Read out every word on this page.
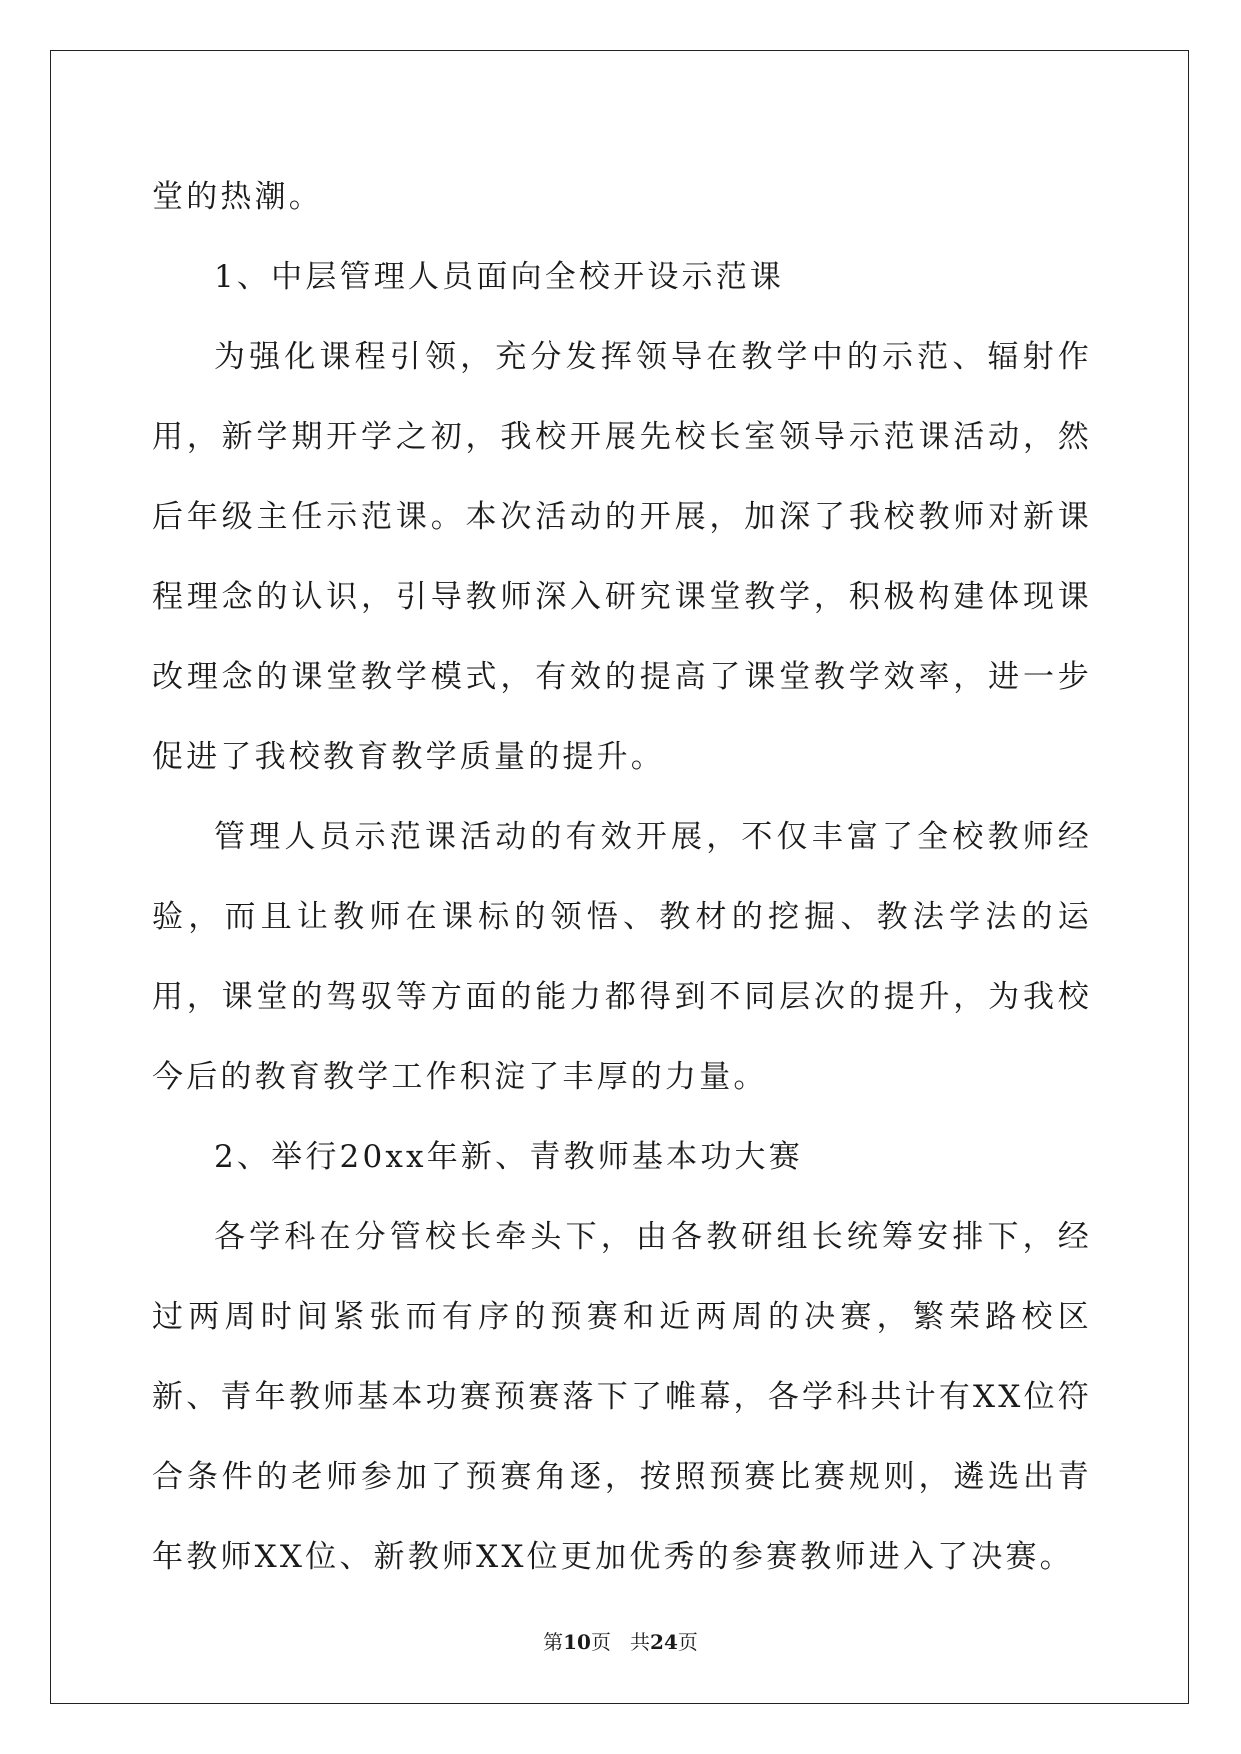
堂的热潮。

1、中层管理人员面向全校开设示范课

为强化课程引领，充分发挥领导在教学中的示范、辐射作用，新学期开学之初，我校开展先校长室领导示范课活动，然后年级主任示范课。本次活动的开展，加深了我校教师对新课程理念的认识，引导教师深入研究课堂教学，积极构建体现课改理念的课堂教学模式，有效的提高了课堂教学效率，进一步促进了我校教育教学质量的提升。

管理人员示范课活动的有效开展，不仅丰富了全校教师经验，而且让教师在课标的领悟、教材的挖掘、教法学法的运用，课堂的驾驭等方面的能力都得到不同层次的提升，为我校今后的教育教学工作积淀了丰厚的力量。

2、举行20xx年新、青教师基本功大赛

各学科在分管校长牵头下，由各教研组长统筹安排下，经过两周时间紧张而有序的预赛和近两周的决赛，繁荣路校区新、青年教师基本功赛预赛落下了帷幕，各学科共计有XX位符合条件的老师参加了预赛角逐，按照预赛比赛规则，遴选出青年教师XX位、新教师XX位更加优秀的参赛教师进入了决赛。

第10页 共24页
